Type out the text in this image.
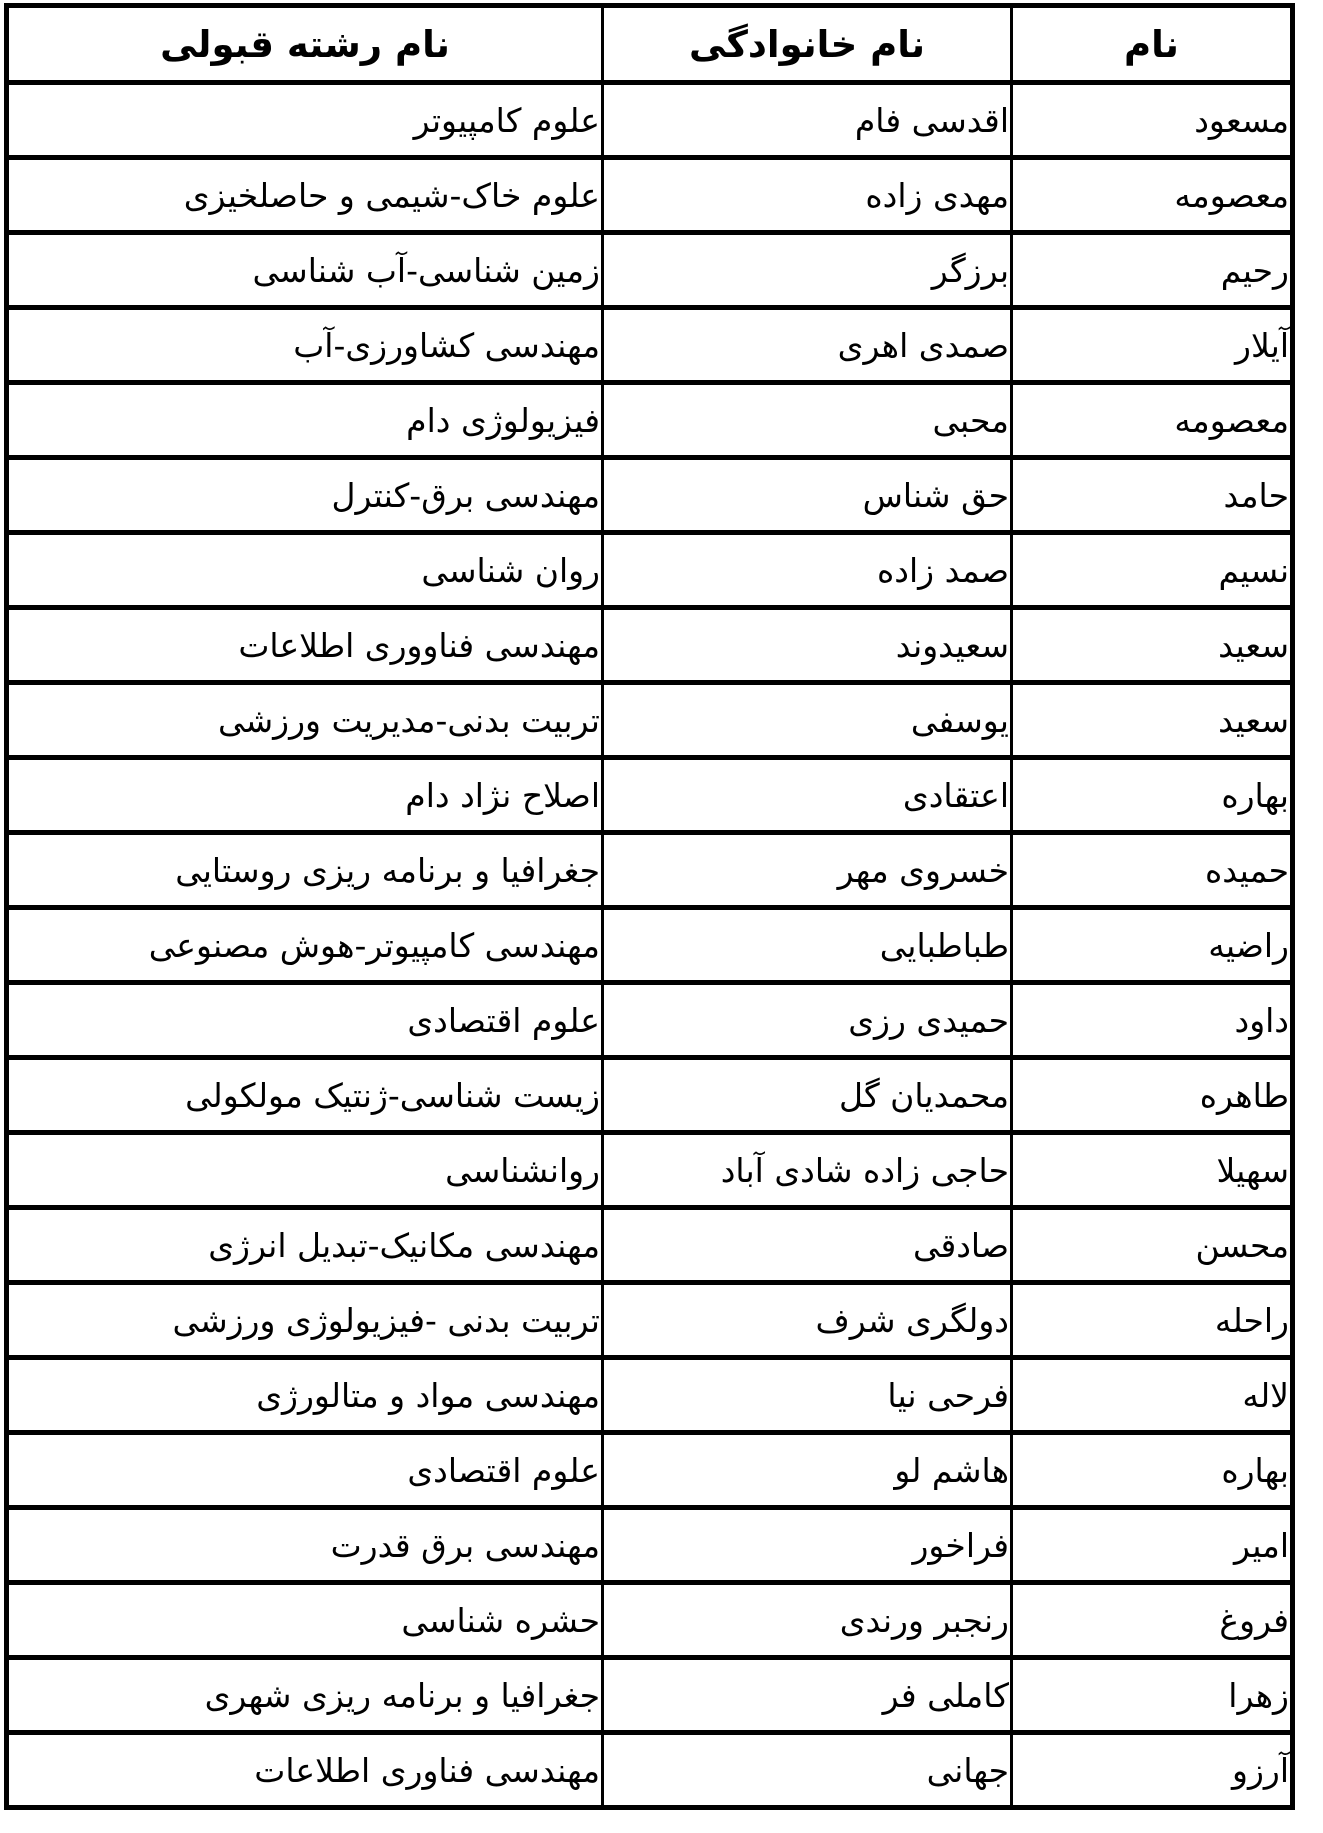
نام	نام خانوادگی	نام رشته قبولی
مسعود	اقدسی فام	علوم کامپیوتر
معصومه	مهدی زاده	علوم خاک-شیمی و حاصلخیزی
رحیم	برزگر	زمین شناسی-آب شناسی
آیلار	صمدی اهری	مهندسی کشاورزی-آب
معصومه	محبی	فیزیولوژی دام
حامد	حق شناس	مهندسی برق-کنترل
نسیم	صمد زاده	روان شناسی
سعید	سعیدوند	مهندسی فناووری اطلاعات
سعید	یوسفی	تربیت بدنی-مدیریت ورزشی
بهاره	اعتقادی	اصلاح نژاد دام
حمیده	خسروی مهر	جغرافیا و برنامه ریزی روستایی
راضیه	طباطبایی	مهندسی کامپیوتر-هوش مصنوعی
داود	حمیدی رزی	علوم اقتصادی
طاهره	محمدیان گل	زیست شناسی-ژنتیک مولکولی
سهیلا	حاجی زاده شادی آباد	روانشناسی
محسن	صادقی	مهندسی مکانیک-تبدیل انرژی
راحله	دولگری شرف	تربیت بدنی -فیزیولوژی ورزشی
لاله	فرحی نیا	مهندسی مواد و متالورژی
بهاره	هاشم لو	علوم اقتصادی
امیر	فراخور	مهندسی برق قدرت
فروغ	رنجبر ورندی	حشره شناسی
زهرا	کاملی فر	جغرافیا و برنامه ریزی شهری
آرزو	جهانی	مهندسی فناوری اطلاعات
